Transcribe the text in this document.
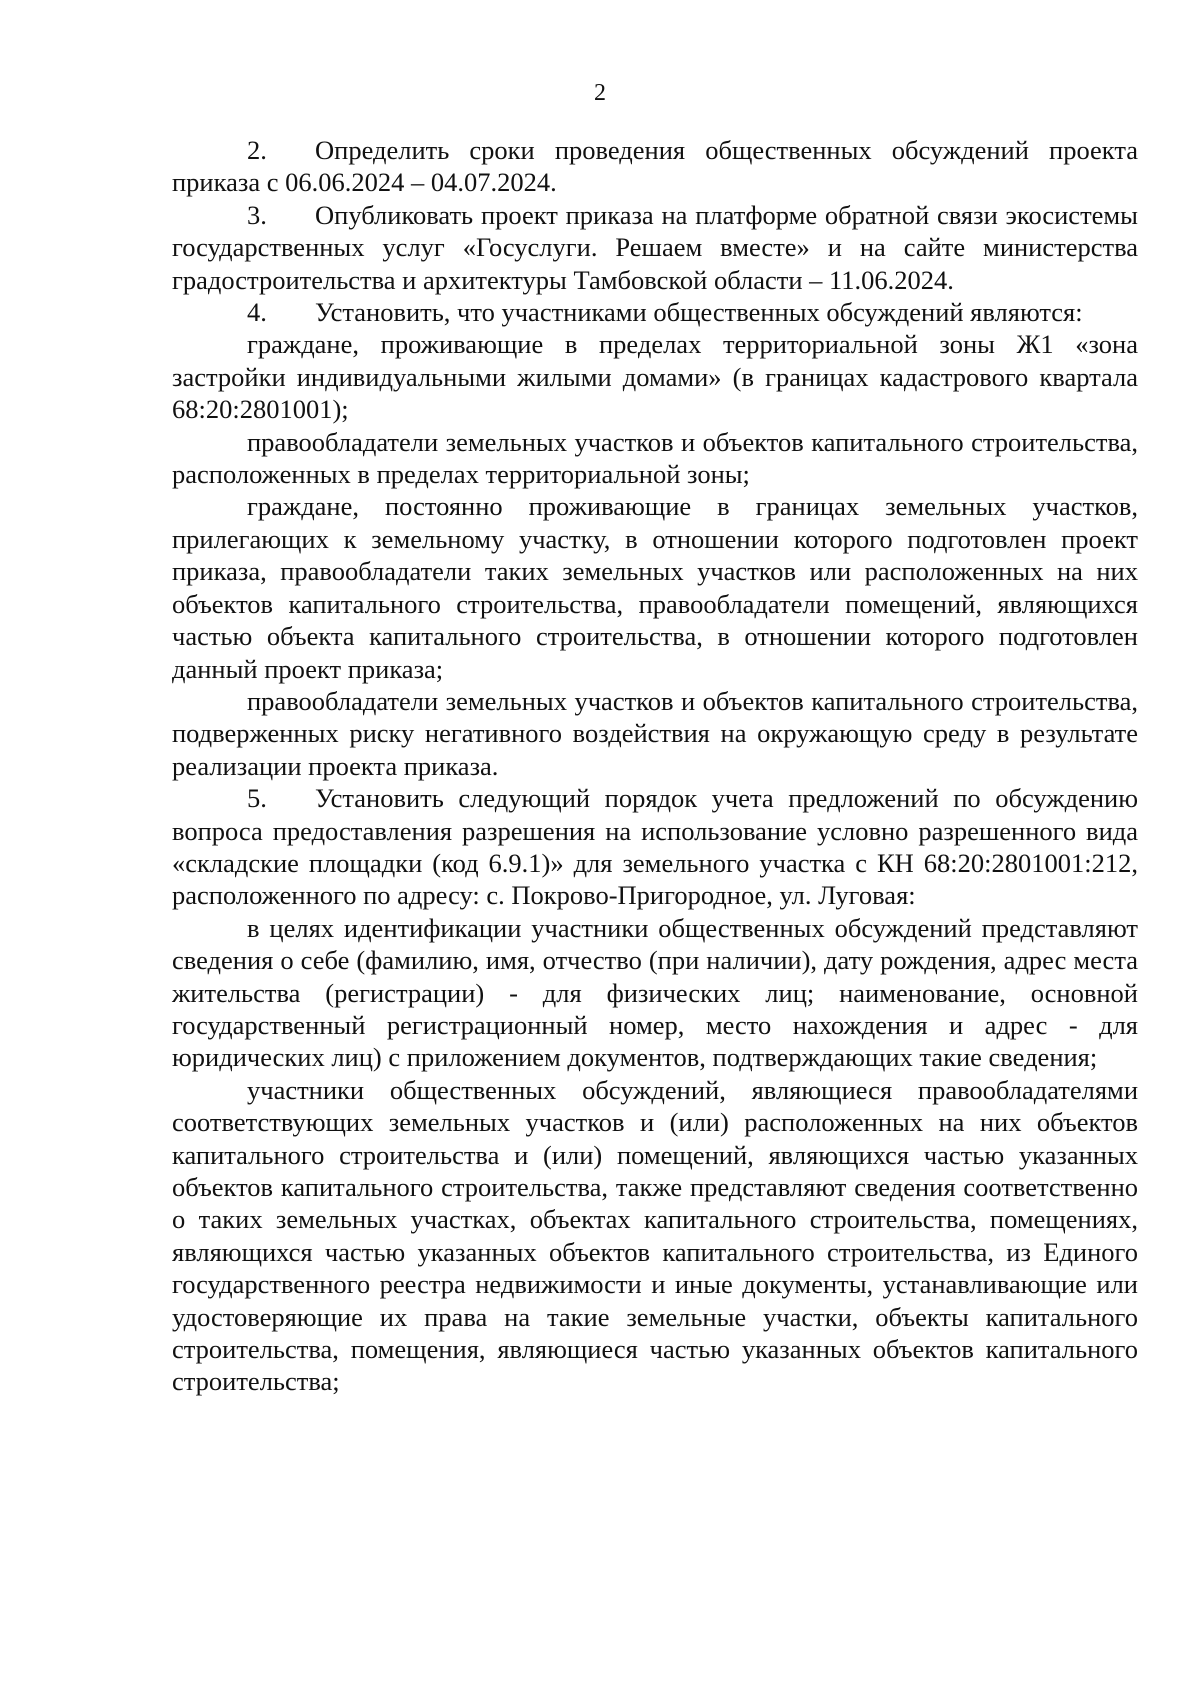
2

2. Определить сроки проведения общественных обсуждений проекта приказа с 06.06.2024 – 04.07.2024.

3. Опубликовать проект приказа на платформе обратной связи экосистемы государственных услуг «Госуслуги. Решаем вместе» и на сайте министерства градостроительства и архитектуры Тамбовской области – 11.06.2024.

4. Установить, что участниками общественных обсуждений являются:

граждане, проживающие в пределах территориальной зоны Ж1 «зона застройки индивидуальными жилыми домами» (в границах кадастрового квартала 68:20:2801001);

правообладатели земельных участков и объектов капитального строительства, расположенных в пределах территориальной зоны;

граждане, постоянно проживающие в границах земельных участков, прилегающих к земельному участку, в отношении которого подготовлен проект приказа, правообладатели таких земельных участков или расположенных на них объектов капитального строительства, правообладатели помещений, являющихся частью объекта капитального строительства, в отношении которого подготовлен данный проект приказа;

правообладатели земельных участков и объектов капитального строительства, подверженных риску негативного воздействия на окружающую среду в результате реализации проекта приказа.

5. Установить следующий порядок учета предложений по обсуждению вопроса предоставления разрешения на использование условно разрешенного вида «складские площадки (код 6.9.1)» для земельного участка с КН 68:20:2801001:212, расположенного по адресу: с. Покрово-Пригородное, ул. Луговая:

в целях идентификации участники общественных обсуждений представляют сведения о себе (фамилию, имя, отчество (при наличии), дату рождения, адрес места жительства (регистрации) - для физических лиц; наименование, основной государственный регистрационный номер, место нахождения и адрес - для юридических лиц) с приложением документов, подтверждающих такие сведения;

участники общественных обсуждений, являющиеся правообладателями соответствующих земельных участков и (или) расположенных на них объектов капитального строительства и (или) помещений, являющихся частью указанных объектов капитального строительства, также представляют сведения соответственно о таких земельных участках, объектах капитального строительства, помещениях, являющихся частью указанных объектов капитального строительства, из Единого государственного реестра недвижимости и иные документы, устанавливающие или удостоверяющие их права на такие земельные участки, объекты капитального строительства, помещения, являющиеся частью указанных объектов капитального строительства;
